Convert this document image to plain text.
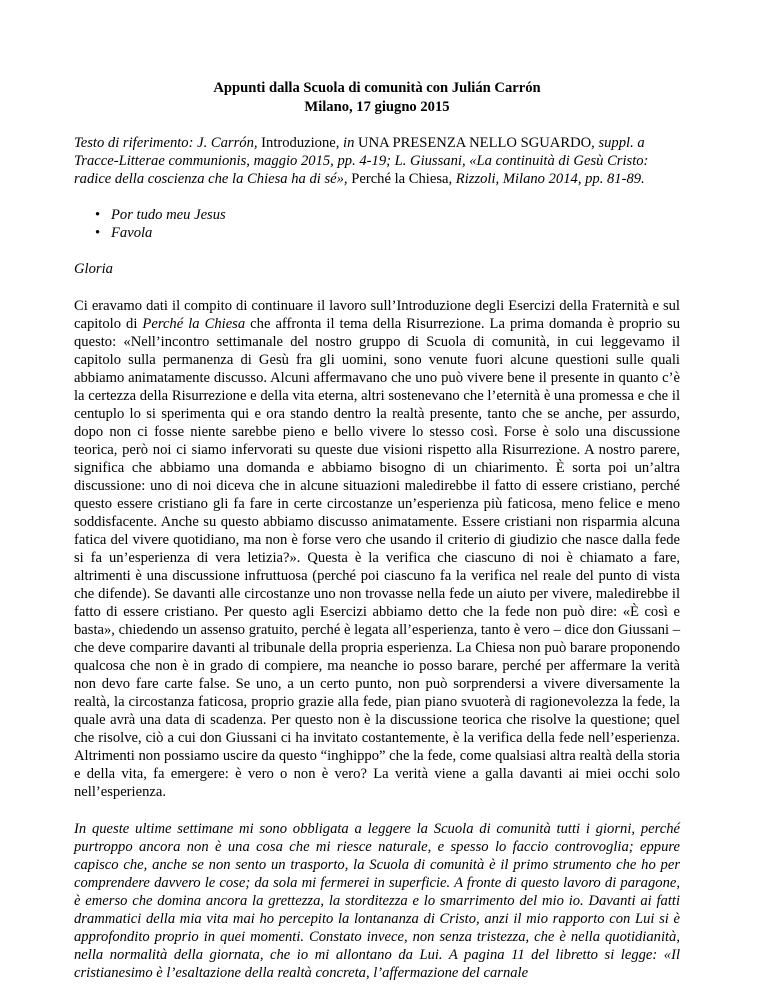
Appunti dalla Scuola di comunità con Julián Carrón
Milano, 17 giugno 2015

Testo di riferimento: J. Carrón, Introduzione, in UNA PRESENZA NELLO SGUARDO, suppl. a Tracce-Litterae communionis, maggio 2015, pp. 4-19; L. Giussani, «La continuità di Gesù Cristo: radice della coscienza che la Chiesa ha di sé», Perché la Chiesa, Rizzoli, Milano 2014, pp. 81-89.

• Por tudo meu Jesus
• Favola

Gloria

Ci eravamo dati il compito di continuare il lavoro sull’Introduzione degli Esercizi della Fraternità e sul capitolo di Perché la Chiesa che affronta il tema della Risurrezione. La prima domanda è proprio su questo: «Nell’incontro settimanale del nostro gruppo di Scuola di comunità, in cui leggevamo il capitolo sulla permanenza di Gesù fra gli uomini, sono venute fuori alcune questioni sulle quali abbiamo animatamente discusso. Alcuni affermavano che uno può vivere bene il presente in quanto c’è la certezza della Risurrezione e della vita eterna, altri sostenevano che l’eternità è una promessa e che il centuplo lo si sperimenta qui e ora stando dentro la realtà presente, tanto che se anche, per assurdo, dopo non ci fosse niente sarebbe pieno e bello vivere lo stesso così. Forse è solo una discussione teorica, però noi ci siamo infervorati su queste due visioni rispetto alla Risurrezione. A nostro parere, significa che abbiamo una domanda e abbiamo bisogno di un chiarimento. È sorta poi un’altra discussione: uno di noi diceva che in alcune situazioni maledirebbe il fatto di essere cristiano, perché questo essere cristiano gli fa fare in certe circostanze un’esperienza più faticosa, meno felice e meno soddisfacente. Anche su questo abbiamo discusso animatamente. Essere cristiani non risparmia alcuna fatica del vivere quotidiano, ma non è forse vero che usando il criterio di giudizio che nasce dalla fede si fa un’esperienza di vera letizia?». Questa è la verifica che ciascuno di noi è chiamato a fare, altrimenti è una discussione infruttuosa (perché poi ciascuno fa la verifica nel reale del punto di vista che difende). Se davanti alle circostanze uno non trovasse nella fede un aiuto per vivere, maledirebbe il fatto di essere cristiano. Per questo agli Esercizi abbiamo detto che la fede non può dire: «È così e basta», chiedendo un assenso gratuito, perché è legata all’esperienza, tanto è vero – dice don Giussani – che deve comparire davanti al tribunale della propria esperienza. La Chiesa non può barare proponendo qualcosa che non è in grado di compiere, ma neanche io posso barare, perché per affermare la verità non devo fare carte false. Se uno, a un certo punto, non può sorprendersi a vivere diversamente la realtà, la circostanza faticosa, proprio grazie alla fede, pian piano svuoterà di ragionevolezza la fede, la quale avrà una data di scadenza. Per questo non è la discussione teorica che risolve la questione; quel che risolve, ciò a cui don Giussani ci ha invitato costantemente, è la verifica della fede nell’esperienza. Altrimenti non possiamo uscire da questo “inghippo” che la fede, come qualsiasi altra realtà della storia e della vita, fa emergere: è vero o non è vero? La verità viene a galla davanti ai miei occhi solo nell’esperienza.

In queste ultime settimane mi sono obbligata a leggere la Scuola di comunità tutti i giorni, perché purtroppo ancora non è una cosa che mi riesce naturale, e spesso lo faccio controvoglia; eppure capisco che, anche se non sento un trasporto, la Scuola di comunità è il primo strumento che ho per comprendere davvero le cose; da sola mi fermerei in superficie. A fronte di questo lavoro di paragone, è emerso che domina ancora la grettezza, la storditezza e lo smarrimento del mio io. Davanti ai fatti drammatici della mia vita mai ho percepito la lontananza di Cristo, anzi il mio rapporto con Lui si è approfondito proprio in quei momenti. Constato invece, non senza tristezza, che è nella quotidianità, nella normalità della giornata, che io mi allontano da Lui. A pagina 11 del libretto si legge: «Il cristianesimo è l’esaltazione della realtà concreta, l’affermazione del carnale
